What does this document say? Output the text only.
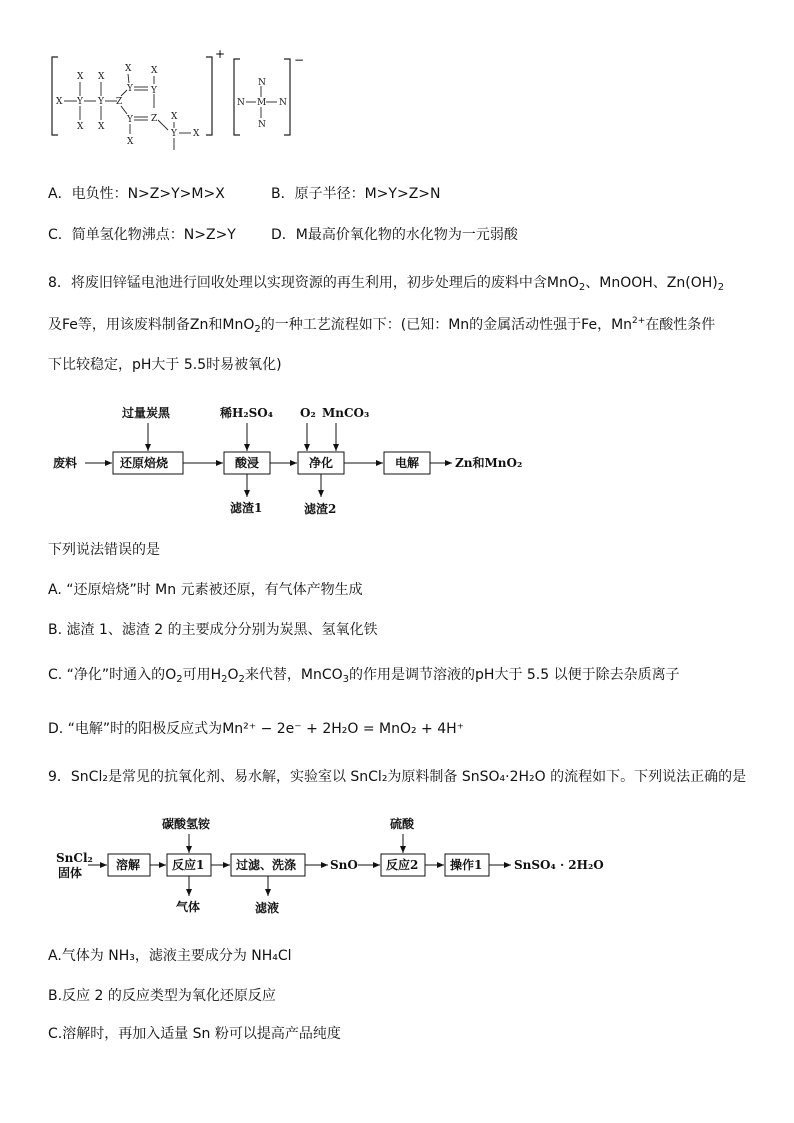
+	−
X Y
X
X
Y
X
X
Z
X
Y
X
Y
Y Z
X
X
Y X
N
N M N
N
A．电负性：N>Z>Y>M>X	B．原子半径：M>Y>Z>N
C．简单氢化物沸点：N>Z>Y	D．M最高价氧化物的水化物为一元弱酸
8．将废旧锌锰电池进行回收处理以实现资源的再生利用，初步处理后的废料中含MnO$_2$、MnOOH、$Zn(OH)_2$
及Fe等，用该废料制备Zn和MnO$_2$的一种工艺流程如下：(已知：Mn的金属活动性强于Fe，$Mn^{2+}$在酸性条件
下比较稳定，pH大于 5.5时易被氧化)
废料	还原焙烧
过量炭黑
酸浸
稀H₂SO₄
滤渣1
净化
O₂ MnCO₃
滤渣2
电解	Zn和MnO₂
下列说法错误的是
A. “还原焙烧”时 Mn 元素被还原，有气体产物生成
B. 滤渣 1、滤渣 2 的主要成分分别为炭黑、氢氧化铁
C. “净化”时通入的$O_2$可用$H_2O_2$来代替，MnCO$_3$的作用是调节溶液的pH大于 5.5 以便于除去杂质离子
D. “电解”时的阳极反应式为Mn²⁺ − 2e⁻ + 2H₂O = MnO₂ + 4H⁺
9．SnCl₂是常见的抗氧化剂、易水解，实验室以 SnCl₂为原料制备 SnSO₄·2H₂O 的流程如下。下列说法正确的是
SnCl₂
固体
溶解
碳酸氢铵
反应1
气体
过滤、洗涤
滤液
SnO
硫酸
反应2	操作1	SnSO₄ · 2H₂O
A.气体为 NH₃，滤液主要成分为 NH₄Cl
B.反应 2 的反应类型为氧化还原反应
C.溶解时，再加入适量 Sn 粉可以提高产品纯度
